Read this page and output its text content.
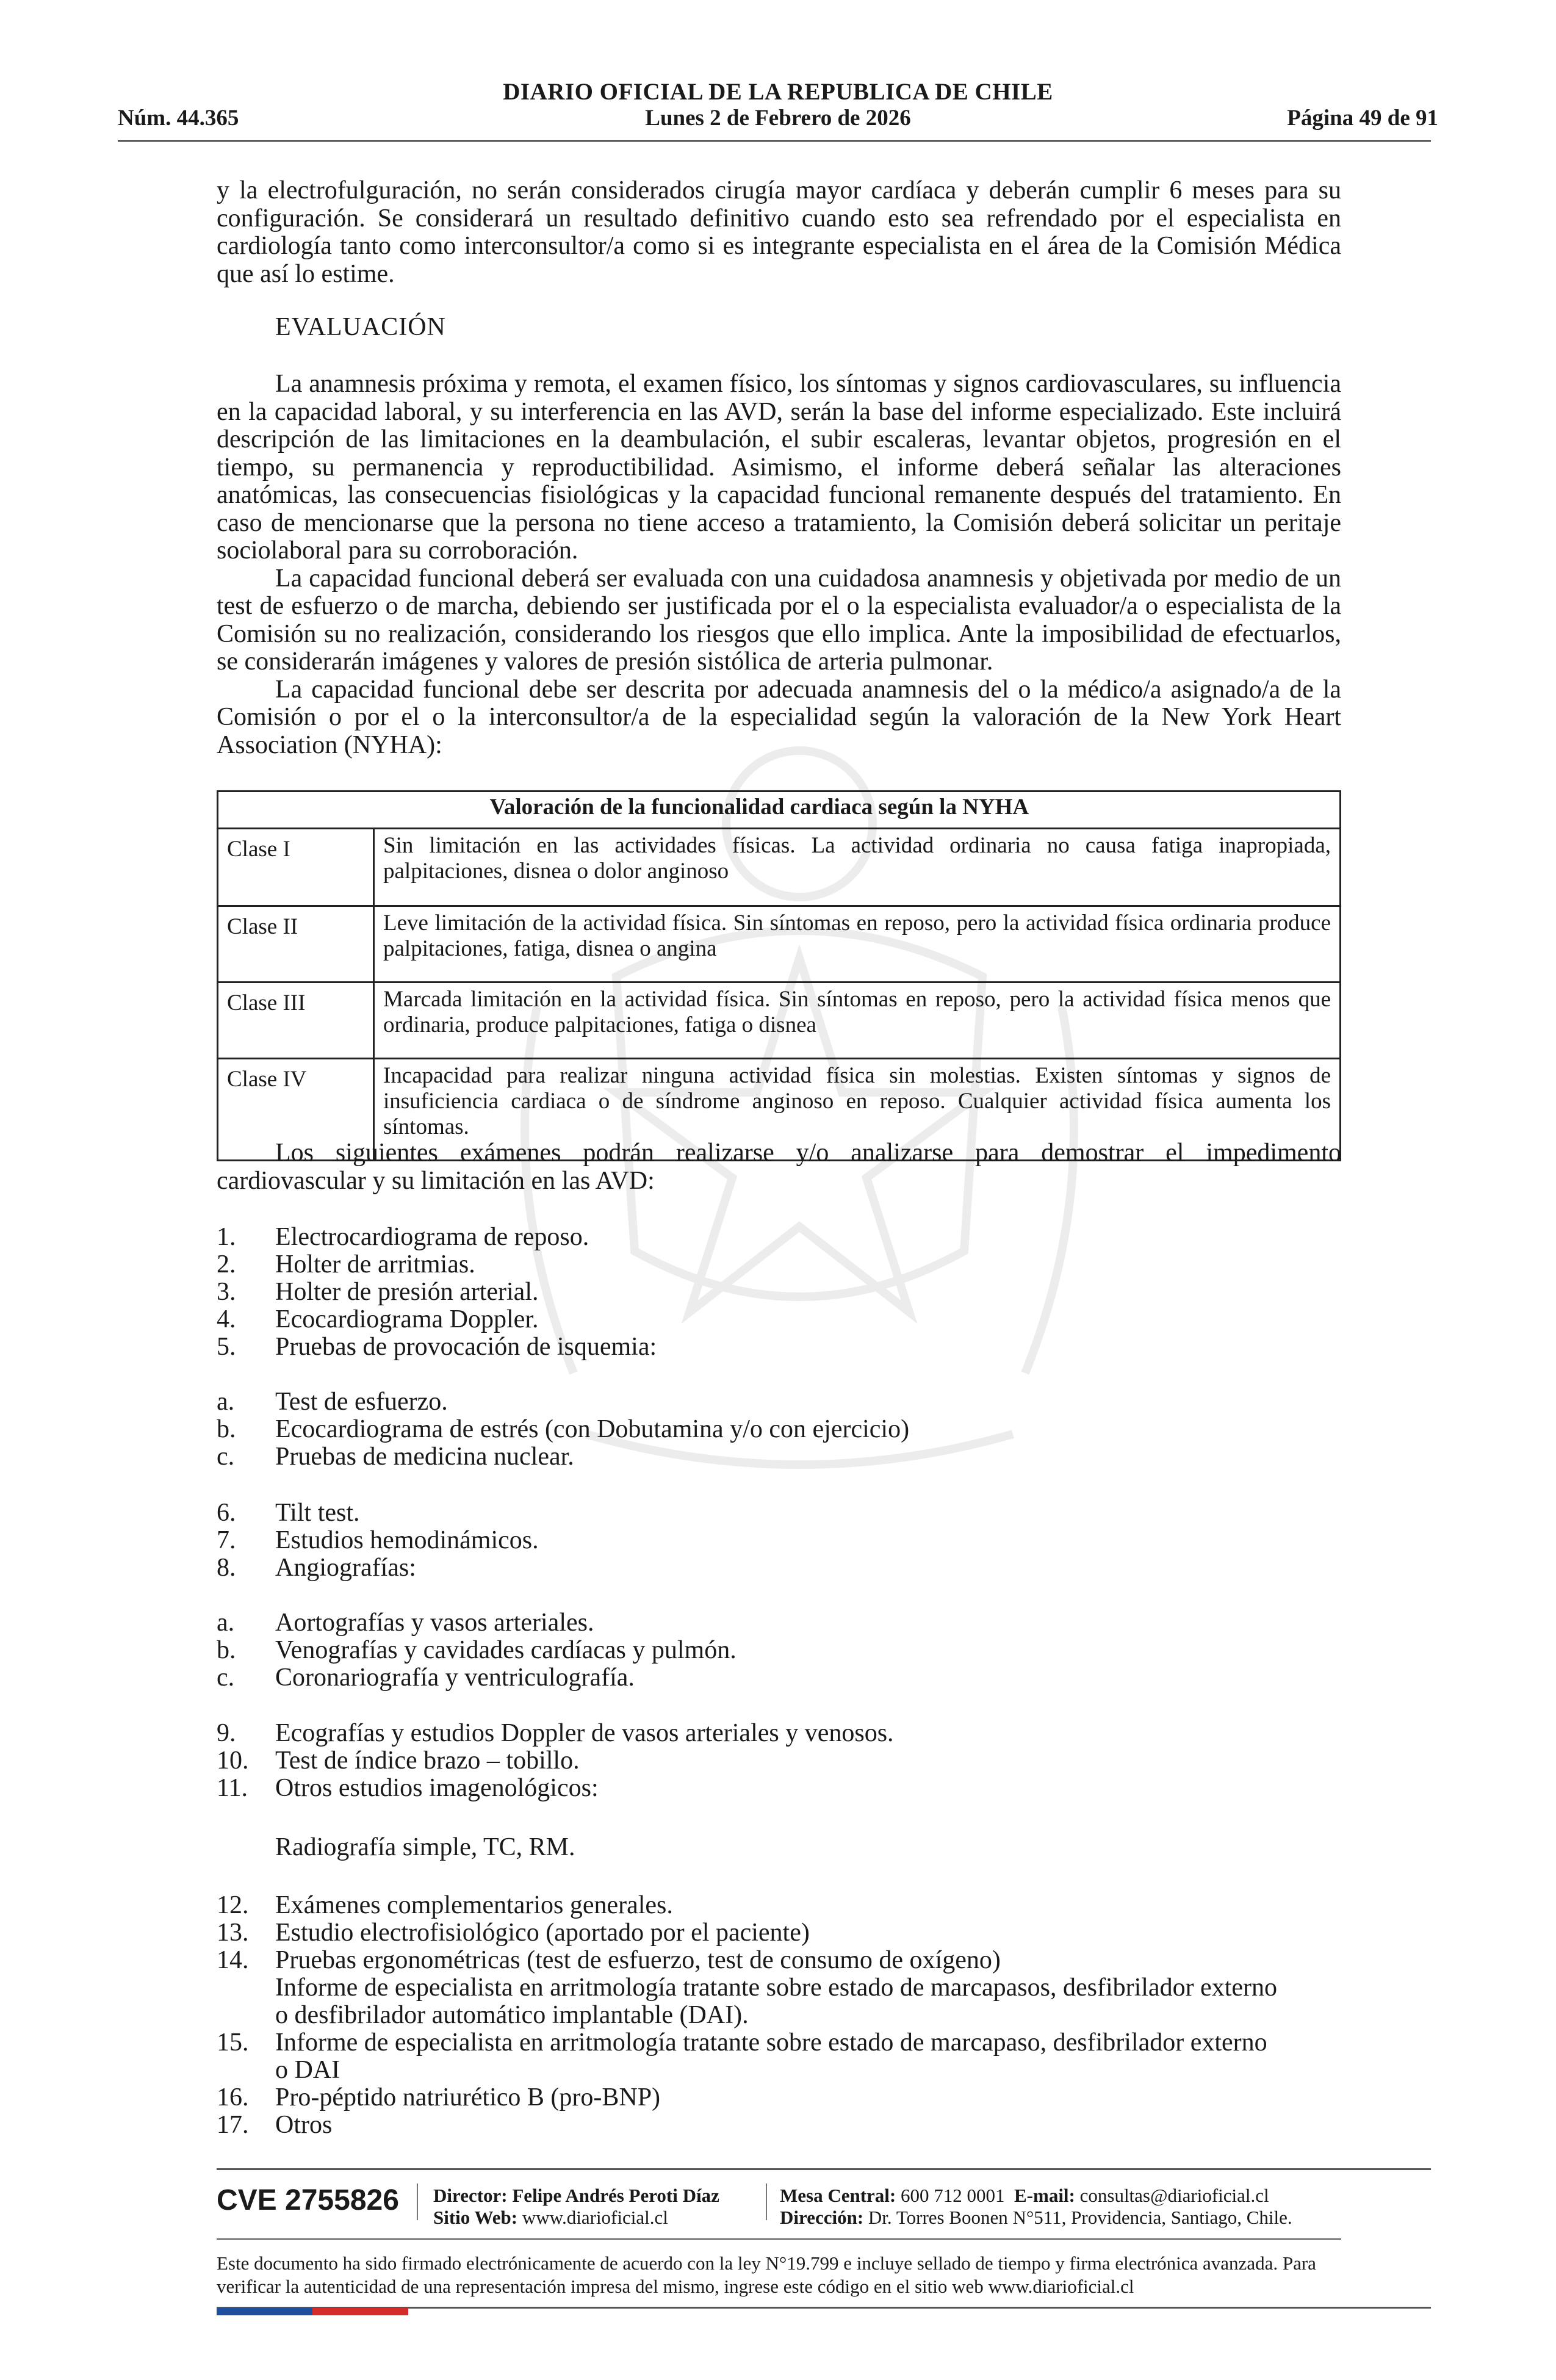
Núm. 44.365
DIARIO OFICIAL DE LA REPUBLICA DE CHILE
Lunes 2 de Febrero de 2026	Página 49 de 91

y la electrofulguración, no serán considerados cirugía mayor cardíaca y deberán cumplir 6 meses para su configuración. Se considerará un resultado definitivo cuando esto sea refrendado por el especialista en cardiología tanto como interconsultor/a como si es integrante especialista en el área de la Comisión Médica que así lo estime.

EVALUACIÓN

La anamnesis próxima y remota, el examen físico, los síntomas y signos cardiovasculares, su influencia en la capacidad laboral, y su interferencia en las AVD, serán la base del informe especializado. Este incluirá descripción de las limitaciones en la deambulación, el subir escaleras, levantar objetos, progresión en el tiempo, su permanencia y reproductibilidad. Asimismo, el informe deberá señalar las alteraciones anatómicas, las consecuencias fisiológicas y la capacidad funcional remanente después del tratamiento. En caso de mencionarse que la persona no tiene acceso a tratamiento, la Comisión deberá solicitar un peritaje sociolaboral para su corroboración.

La capacidad funcional deberá ser evaluada con una cuidadosa anamnesis y objetivada por medio de un test de esfuerzo o de marcha, debiendo ser justificada por el o la especialista evaluador/a o especialista de la Comisión su no realización, considerando los riesgos que ello implica. Ante la imposibilidad de efectuarlos, se considerarán imágenes y valores de presión sistólica de arteria pulmonar.

La capacidad funcional debe ser descrita por adecuada anamnesis del o la médico/a asignado/a de la Comisión o por el o la interconsultor/a de la especialidad según la valoración de la New York Heart Association (NYHA):

	Valoración de la funcionalidad cardiaca según la NYHA
Clase I	Sin limitación en las actividades físicas. La actividad ordinaria no causa fatiga inapropiada, palpitaciones, disnea o dolor anginoso
Clase II	Leve limitación de la actividad física. Sin síntomas en reposo, pero la actividad física ordinaria produce palpitaciones, fatiga, disnea o angina
Clase III	Marcada limitación en la actividad física. Sin síntomas en reposo, pero la actividad física menos que ordinaria, produce palpitaciones, fatiga o disnea
Clase IV	Incapacidad para realizar ninguna actividad física sin molestias. Existen síntomas y signos de insuficiencia cardiaca o de síndrome anginoso en reposo. Cualquier actividad física aumenta los síntomas.

Los siguientes exámenes podrán realizarse y/o analizarse para demostrar el impedimento cardiovascular y su limitación en las AVD:

1. Electrocardiograma de reposo.
2. Holter de arritmias.
3. Holter de presión arterial.
4. Ecocardiograma Doppler.
5. Pruebas de provocación de isquemia:
a. Test de esfuerzo.
b. Ecocardiograma de estrés (con Dobutamina y/o con ejercicio)
c. Pruebas de medicina nuclear.
6. Tilt test.
7. Estudios hemodinámicos.
8. Angiografías:
a. Aortografías y vasos arteriales.
b. Venografías y cavidades cardíacas y pulmón.
c. Coronariografía y ventriculografía.
9. Ecografías y estudios Doppler de vasos arteriales y venosos.
10. Test de índice brazo – tobillo.
11. Otros estudios imagenológicos:
Radiografía simple, TC, RM.
12. Exámenes complementarios generales.
13. Estudio electrofisiológico (aportado por el paciente)
14. Pruebas ergonométricas (test de esfuerzo, test de consumo de oxígeno)
Informe de especialista en arritmología tratante sobre estado de marcapasos, desfibrilador externo
o desfibrilador automático implantable (DAI).
15. Informe de especialista en arritmología tratante sobre estado de marcapaso, desfibrilador externo
o DAI
16. Pro-péptido natriurético B (pro-BNP)
17. Otros
CVE 2755826 Director: Felipe Andrés Peroti Díaz
Sitio Web: www.diarioficial.cl
Mesa Central: 600 712 0001 E-mail: consultas@diarioficial.cl
Dirección: Dr. Torres Boonen N°511, Providencia, Santiago, Chile.
Este documento ha sido firmado electrónicamente de acuerdo con la ley N°19.799 e incluye sellado de tiempo y firma electrónica avanzada. Para verificar la autenticidad de una representación impresa del mismo, ingrese este código en el sitio web www.diarioficial.cl
